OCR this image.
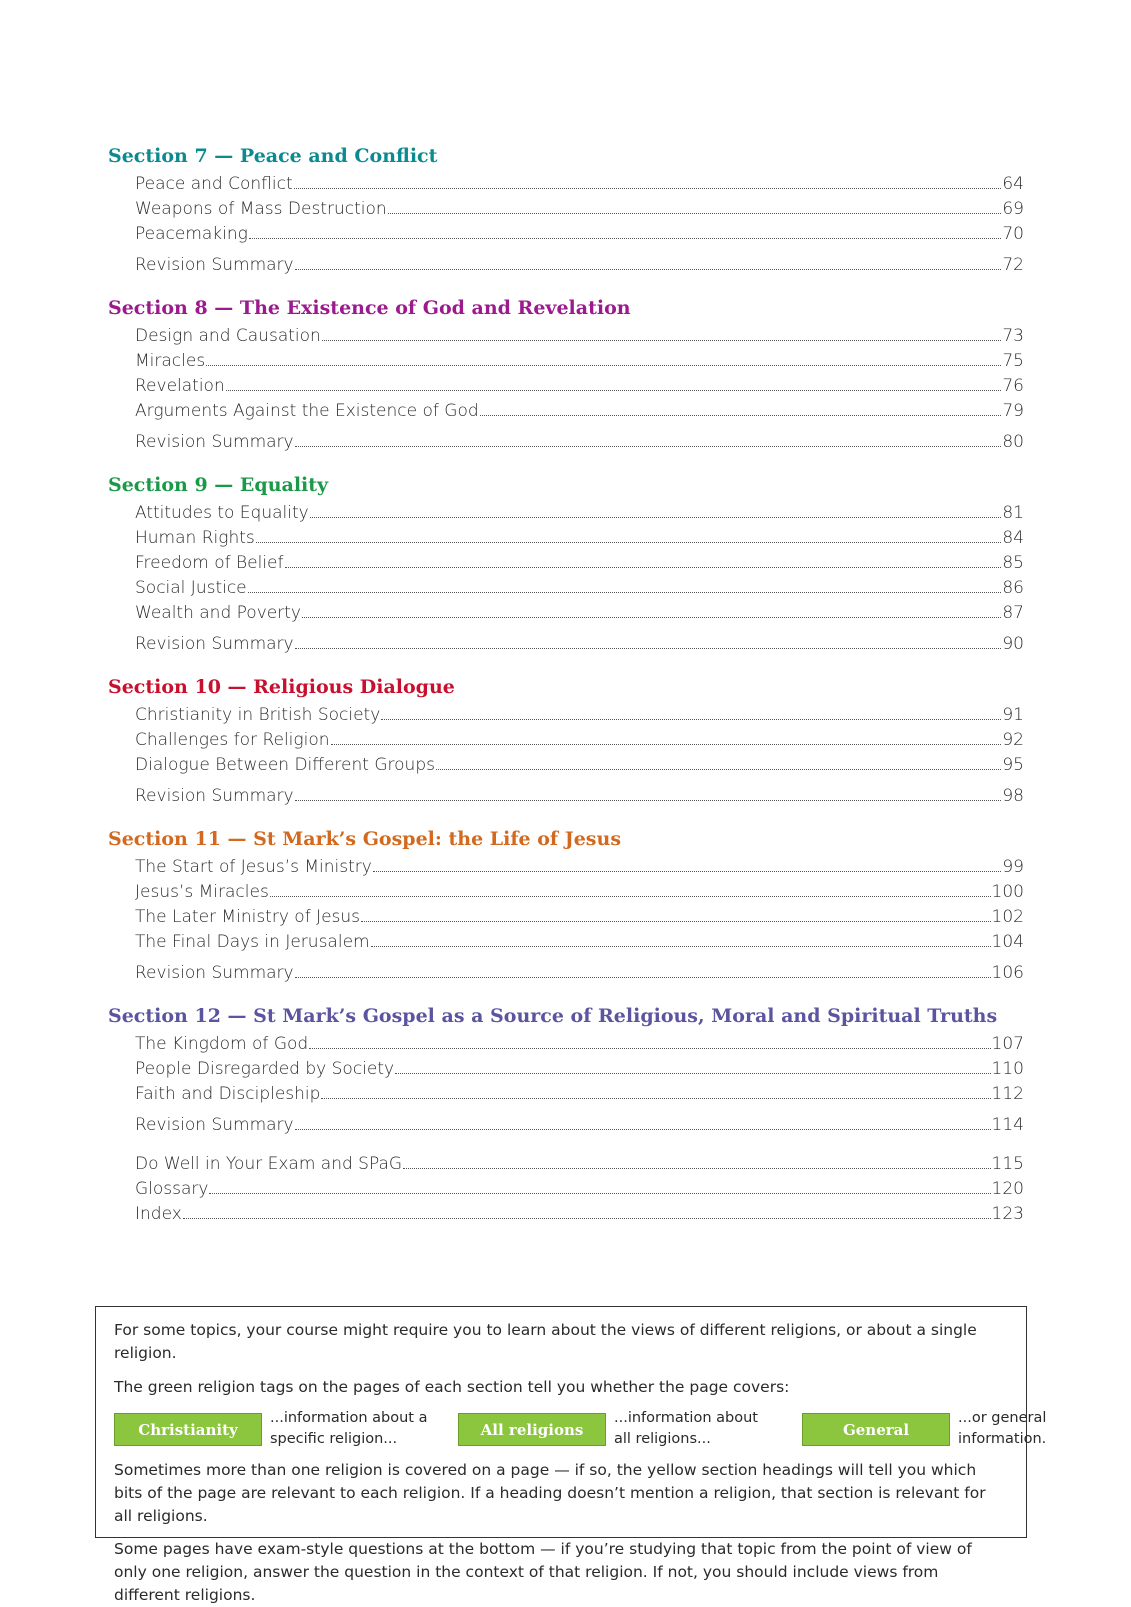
Section 7 — Peace and Conflict
Peace and Conflict	64
Weapons of Mass Destruction	69
Peacemaking	70
Revision Summary	72
Section 8 — The Existence of God and Revelation
Design and Causation	73
Miracles	75
Revelation	76
Arguments Against the Existence of God	79
Revision Summary	80
Section 9 — Equality
Attitudes to Equality	81
Human Rights	84
Freedom of Belief	85
Social Justice	86
Wealth and Poverty	87
Revision Summary	90
Section 10 — Religious Dialogue
Christianity in British Society	91
Challenges for Religion	92
Dialogue Between Different Groups	95
Revision Summary	98
Section 11 — St Mark’s Gospel: the Life of Jesus
The Start of Jesus’s Ministry	99
Jesus’s Miracles	100
The Later Ministry of Jesus	102
The Final Days in Jerusalem	104
Revision Summary	106
Section 12 — St Mark’s Gospel as a Source of Religious, Moral and Spiritual Truths
The Kingdom of God	107
People Disregarded by Society	110
Faith and Discipleship	112
Revision Summary	114
Do Well in Your Exam and SPaG	115
Glossary	120
Index	123

For some topics, your course might require you to learn about the views of different religions, or about a single religion.

The green religion tags on the pages of each section tell you whether the page covers:

Christianity
...information about a specific religion...
All religions
...information about all religions...
General
...or general information.

Sometimes more than one religion is covered on a page — if so, the yellow section headings will tell you which bits of the page are relevant to each religion. If a heading doesn’t mention a religion, that section is relevant for all religions.

Some pages have exam-style questions at the bottom — if you’re studying that topic from the point of view of only one religion, answer the question in the context of that religion. If not, you should include views from different religions.
